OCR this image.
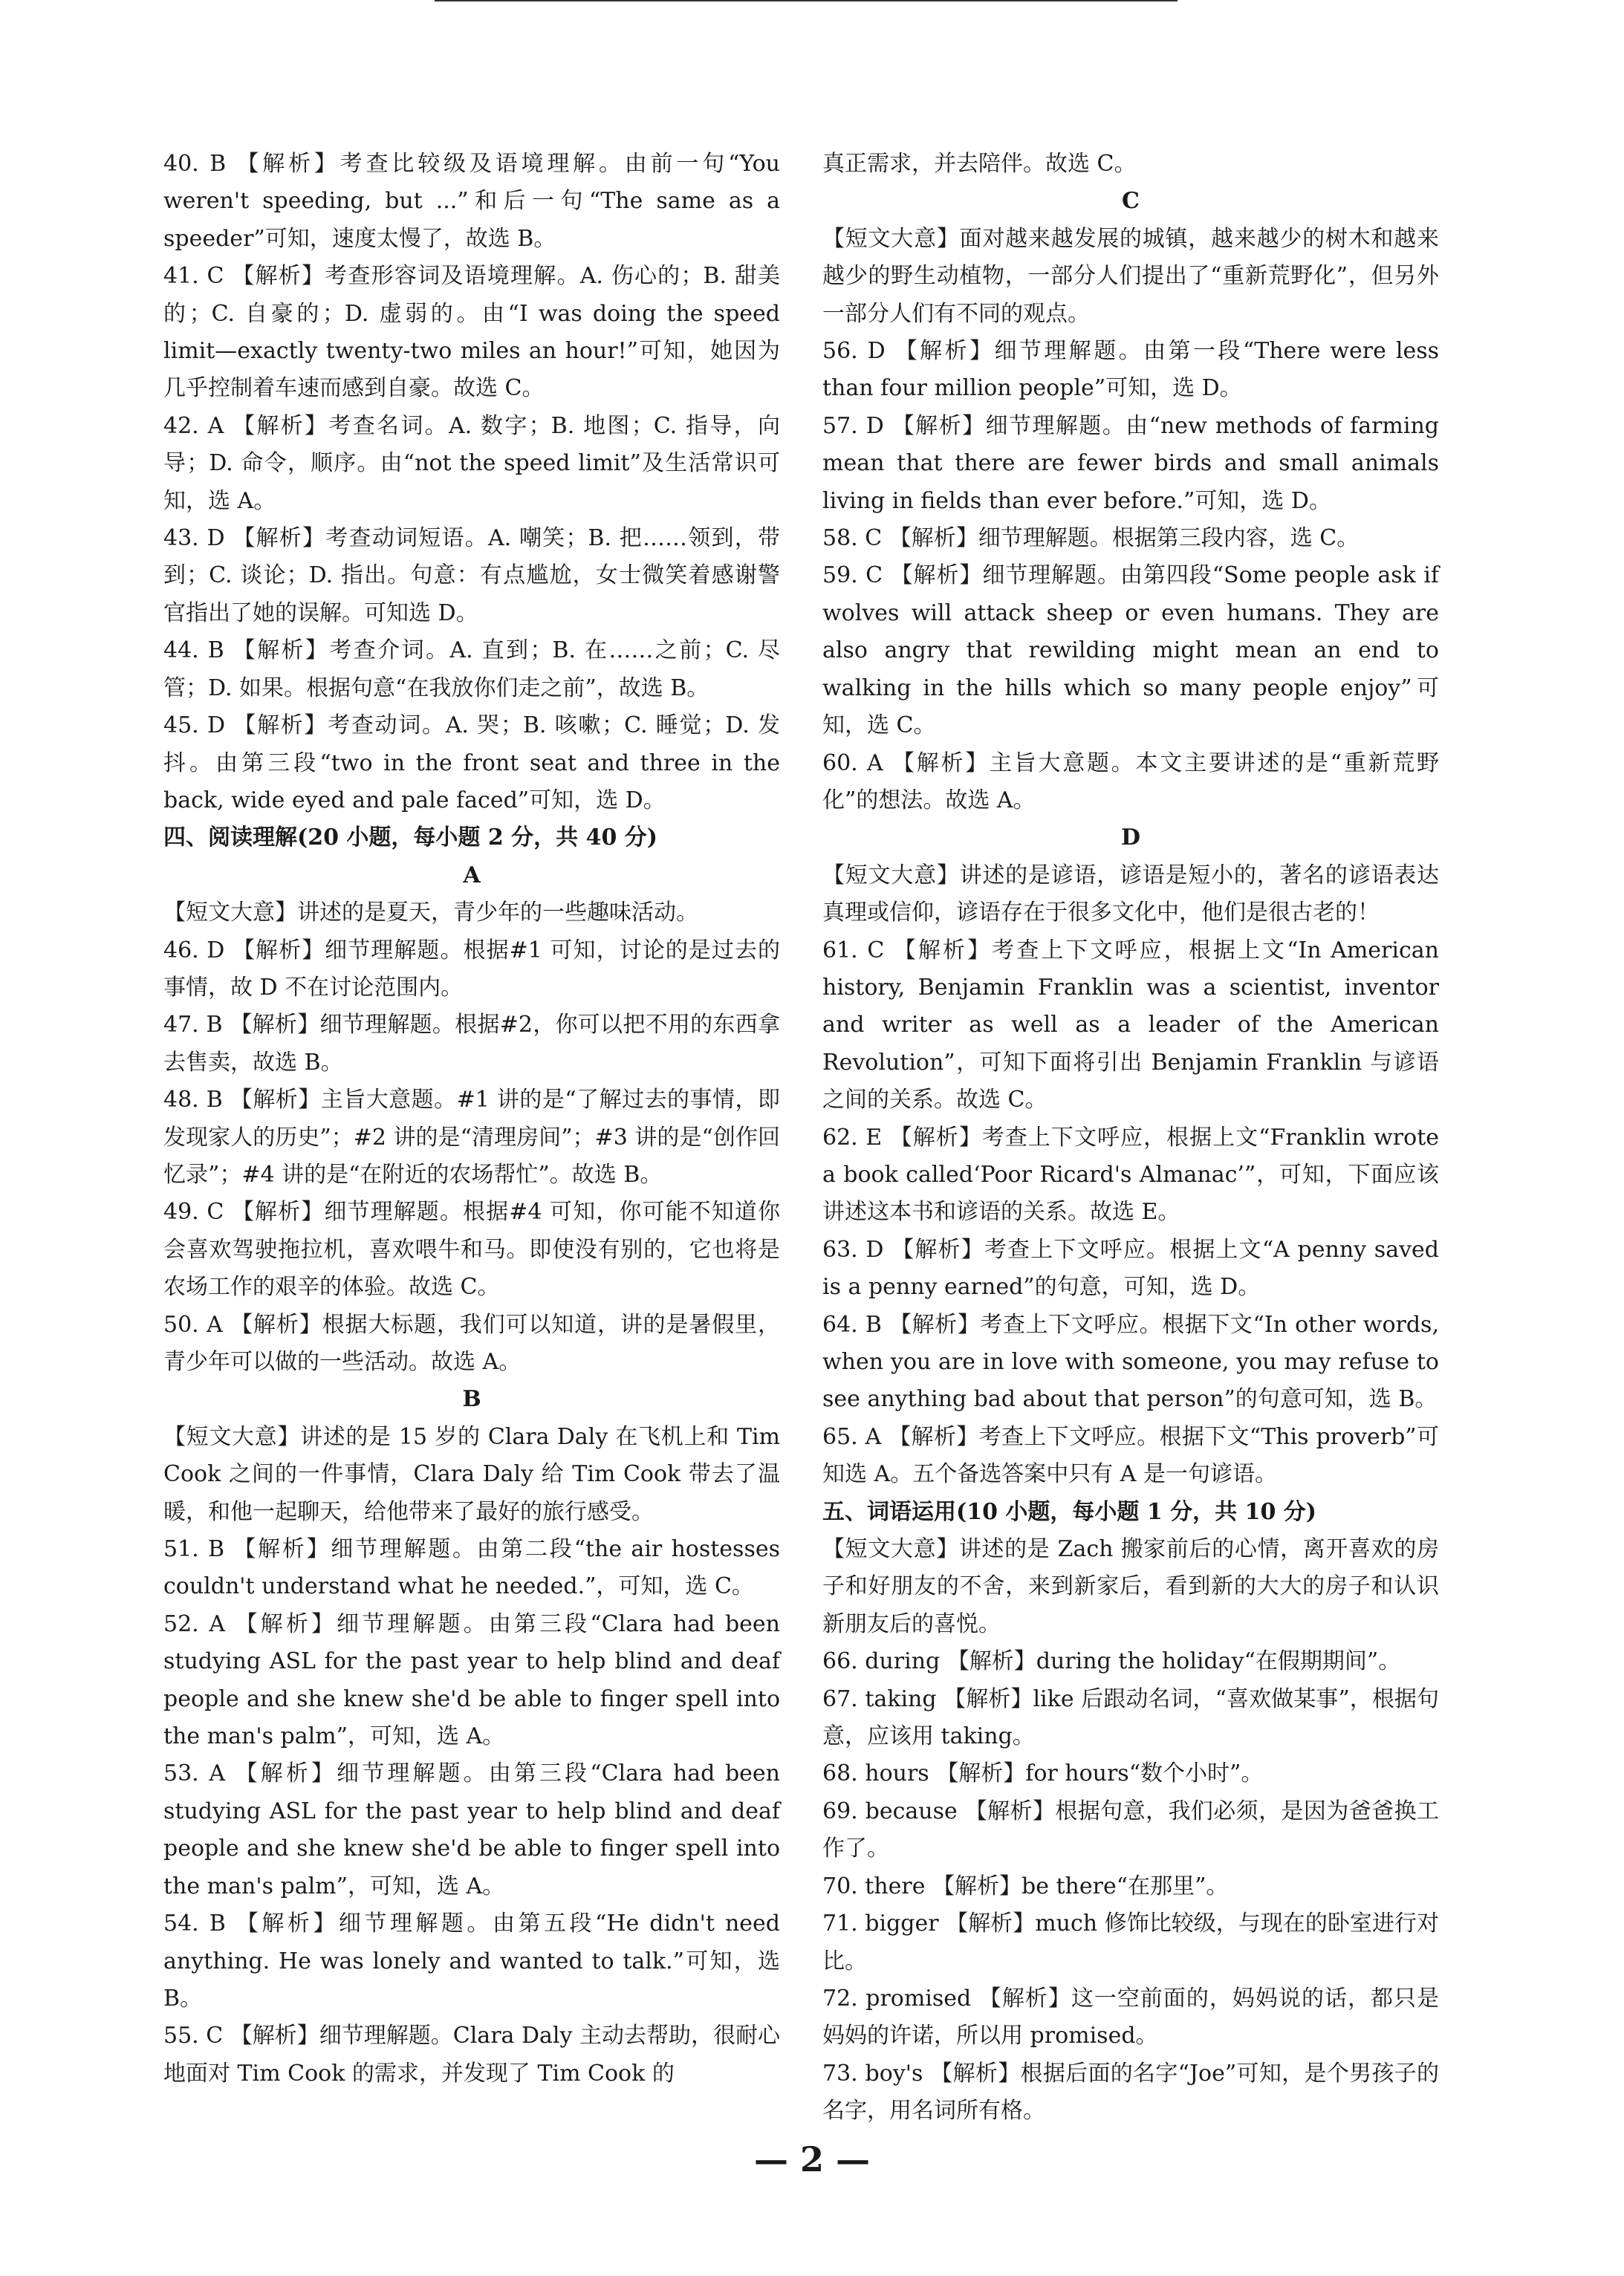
40. B 【解析】考查比较级及语境理解。由前一句“You weren't speeding, but ...”和后一句“The same as a speeder”可知，速度太慢了，故选 B。

41. C 【解析】考查形容词及语境理解。A. 伤心的；B. 甜美的；C. 自豪的；D. 虚弱的。由“I was doing the speed limit—exactly twenty-two miles an hour!”可知，她因为几乎控制着车速而感到自豪。故选 C。

42. A 【解析】考查名词。A. 数字；B. 地图；C. 指导，向导；D. 命令，顺序。由“not the speed limit”及生活常识可知，选 A。

43. D 【解析】考查动词短语。A. 嘲笑；B. 把……领到，带到；C. 谈论；D. 指出。句意：有点尴尬，女士微笑着感谢警官指出了她的误解。可知选 D。

44. B 【解析】考查介词。A. 直到；B. 在……之前；C. 尽管；D. 如果。根据句意“在我放你们走之前”，故选 B。

45. D 【解析】考查动词。A. 哭；B. 咳嗽；C. 睡觉；D. 发抖。由第三段“two in the front seat and three in the back, wide eyed and pale faced”可知，选 D。

四、阅读理解(20 小题，每小题 2 分，共 40 分)

A

【短文大意】讲述的是夏天，青少年的一些趣味活动。

46. D 【解析】细节理解题。根据#1 可知，讨论的是过去的事情，故 D 不在讨论范围内。

47. B 【解析】细节理解题。根据#2，你可以把不用的东西拿去售卖，故选 B。

48. B 【解析】主旨大意题。#1 讲的是“了解过去的事情，即发现家人的历史”；#2 讲的是“清理房间”；#3 讲的是“创作回忆录”；#4 讲的是“在附近的农场帮忙”。故选 B。

49. C 【解析】细节理解题。根据#4 可知，你可能不知道你会喜欢驾驶拖拉机，喜欢喂牛和马。即使没有别的，它也将是农场工作的艰辛的体验。故选 C。

50. A 【解析】根据大标题，我们可以知道，讲的是暑假里，青少年可以做的一些活动。故选 A。

B

【短文大意】讲述的是 15 岁的 Clara Daly 在飞机上和 Tim Cook 之间的一件事情，Clara Daly 给 Tim Cook 带去了温暖，和他一起聊天，给他带来了最好的旅行感受。

51. B 【解析】细节理解题。由第二段“the air hostesses couldn't understand what he needed.”，可知，选 C。

52. A 【解析】细节理解题。由第三段“Clara had been studying ASL for the past year to help blind and deaf people and she knew she'd be able to finger spell into the man's palm”，可知，选 A。

53. A 【解析】细节理解题。由第三段“Clara had been studying ASL for the past year to help blind and deaf people and she knew she'd be able to finger spell into the man's palm”，可知，选 A。

54. B 【解析】细节理解题。由第五段“He didn't need anything. He was lonely and wanted to talk.”可知，选 B。

55. C 【解析】细节理解题。Clara Daly 主动去帮助，很耐心地面对 Tim Cook 的需求，并发现了 Tim Cook 的

真正需求，并去陪伴。故选 C。

C

【短文大意】面对越来越发展的城镇，越来越少的树木和越来越少的野生动植物，一部分人们提出了“重新荒野化”，但另外一部分人们有不同的观点。

56. D 【解析】细节理解题。由第一段“There were less than four million people”可知，选 D。

57. D 【解析】细节理解题。由“new methods of farming mean that there are fewer birds and small animals living in fields than ever before.”可知，选 D。

58. C 【解析】细节理解题。根据第三段内容，选 C。

59. C 【解析】细节理解题。由第四段“Some people ask if wolves will attack sheep or even humans. They are also angry that rewilding might mean an end to walking in the hills which so many people enjoy”可知，选 C。

60. A 【解析】主旨大意题。本文主要讲述的是“重新荒野化”的想法。故选 A。

D

【短文大意】讲述的是谚语，谚语是短小的，著名的谚语表达真理或信仰，谚语存在于很多文化中，他们是很古老的！

61. C 【解析】考查上下文呼应，根据上文“In American history, Benjamin Franklin was a scientist, inventor and writer as well as a leader of the American Revolution”，可知下面将引出 Benjamin Franklin 与谚语之间的关系。故选 C。

62. E 【解析】考查上下文呼应，根据上文“Franklin wrote a book called‘Poor Ricard's Almanac’”，可知，下面应该讲述这本书和谚语的关系。故选 E。

63. D 【解析】考查上下文呼应。根据上文“A penny saved is a penny earned”的句意，可知，选 D。

64. B 【解析】考查上下文呼应。根据下文“In other words, when you are in love with someone, you may refuse to see anything bad about that person”的句意可知，选 B。

65. A 【解析】考查上下文呼应。根据下文“This proverb”可知选 A。五个备选答案中只有 A 是一句谚语。

五、词语运用(10 小题，每小题 1 分，共 10 分)

【短文大意】讲述的是 Zach 搬家前后的心情，离开喜欢的房子和好朋友的不舍，来到新家后，看到新的大大的房子和认识新朋友后的喜悦。

66. during 【解析】during the holiday“在假期期间”。

67. taking 【解析】like 后跟动名词，“喜欢做某事”，根据句意，应该用 taking。

68. hours 【解析】for hours“数个小时”。

69. because 【解析】根据句意，我们必须，是因为爸爸换工作了。

70. there 【解析】be there“在那里”。

71. bigger 【解析】much 修饰比较级，与现在的卧室进行对比。

72. promised 【解析】这一空前面的，妈妈说的话，都只是妈妈的许诺，所以用 promised。

73. boy's 【解析】根据后面的名字“Joe”可知，是个男孩子的名字，用名词所有格。

— 2 —
